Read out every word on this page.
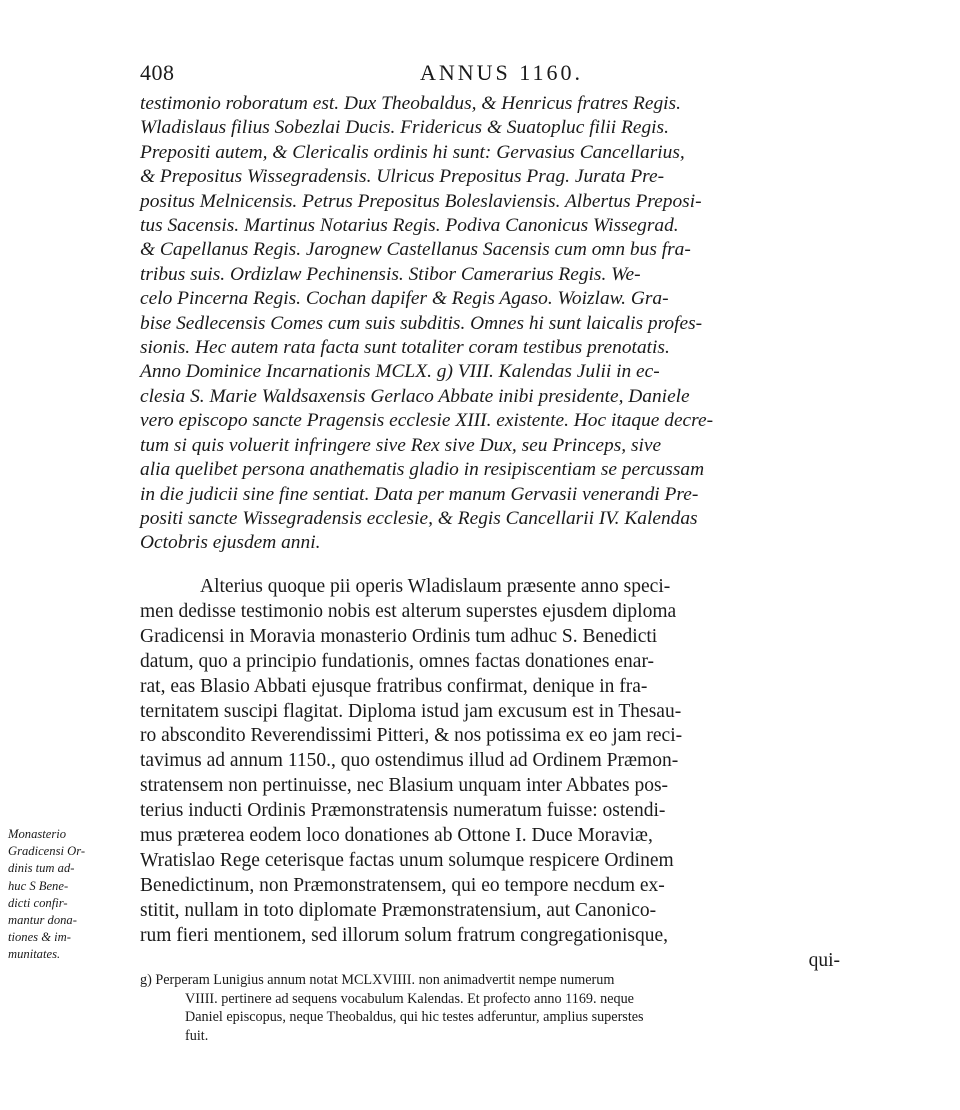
408	ANNUS 1160.
testimonio roboratum est. Dux Theobaldus, & Henricus fratres Regis.
Wladislaus filius Sobezlai Ducis. Fridericus & Suatopluc filii Regis.
Prepositi autem, & Clericalis ordinis hi sunt: Gervasius Cancellarius,
& Prepositus Wissegradensis. Ulricus Prepositus Prag. Jurata Pre-
positus Melnicensis. Petrus Prepositus Boleslaviensis. Albertus Preposi-
tus Sacensis. Martinus Notarius Regis. Podiva Canonicus Wissegrad.
& Capellanus Regis. Jarognew Castellanus Sacensis cum omn bus fra-
tribus suis. Ordizlaw Pechinensis. Stibor Camerarius Regis. We-
celo Pincerna Regis. Cochan dapifer & Regis Agaso. Woizlaw. Gra-
bise Sedlecensis Comes cum suis subditis. Omnes hi sunt laicalis profes-
sionis. Hec autem rata facta sunt totaliter coram testibus prenotatis.
Anno Dominice Incarnationis MCLX. g) VIII. Kalendas Julii in ec-
clesia S. Marie Waldsaxensis Gerlaco Abbate inibi presidente, Daniele
vero episcopo sancte Pragensis ecclesie XIII. existente. Hoc itaque decre-
tum si quis voluerit infringere sive Rex sive Dux, seu Princeps, sive
alia quelibet persona anathematis gladio in resipiscentiam se percussam
in die judicii sine fine sentiat. Data per manum Gervasii venerandi Pre-
positi sancte Wissegradensis ecclesie, & Regis Cancellarii IV. Kalendas
Octobris ejusdem anni.
Alterius quoque pii operis Wladislaum præsente anno speci-
men dedisse testimonio nobis est alterum superstes ejusdem diploma
Gradicensi in Moravia monasterio Ordinis tum adhuc S. Benedicti
datum, quo a principio fundationis, omnes factas donationes enar-
rat, eas Blasio Abbati ejusque fratribus confirmat, denique in fra-
ternitatem suscipi flagitat. Diploma istud jam excusum est in Thesau-
ro abscondito Reverendissimi Pitteri, & nos potissima ex eo jam reci-
tavimus ad annum 1150., quo ostendimus illud ad Ordinem Præmon-
stratensem non pertinuisse, nec Blasium unquam inter Abbates pos-
terius inducti Ordinis Præmonstratensis numeratum fuisse: ostendi-
mus præterea eodem loco donationes ab Ottone I. Duce Moraviæ,
Wratislao Rege ceterisque factas unum solumque respicere Ordinem
Benedictinum, non Præmonstratensem, qui eo tempore necdum ex-
stitit, nullam in toto diplomate Præmonstratensium, aut Canonico-
rum fieri mentionem, sed illorum solum fratrum congregationisque,
qui-
Monasterio
Gradicensi Or-
dinis tum ad-
huc S Bene-
dicti confir-
mantur dona-
tiones & im-
munitates.
g) Perperam Lunigius annum notat MCLXVIIII. non animadvertit nempe numerum
VIIII. pertinere ad sequens vocabulum Kalendas. Et profecto anno 1169. neque
Daniel episcopus, neque Theobaldus, qui hic testes adferuntur, amplius superstes
fuit.
